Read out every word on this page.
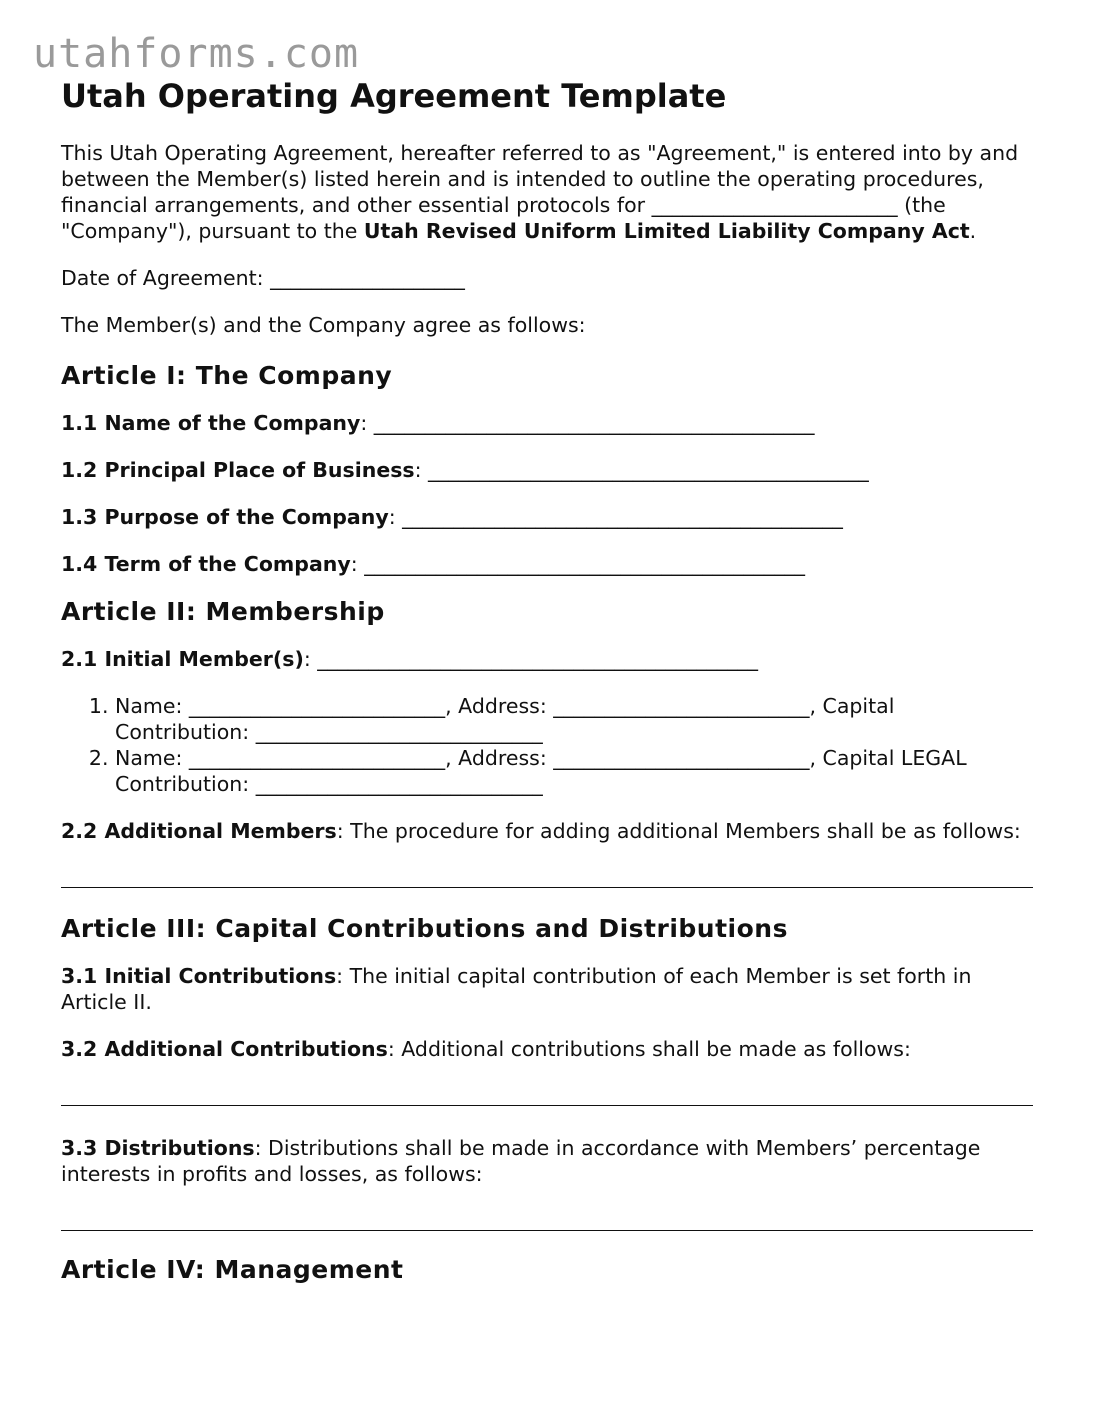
utahforms.com
Utah Operating Agreement Template

This Utah Operating Agreement, hereafter referred to as "Agreement," is entered into by and between the Member(s) listed herein and is intended to outline the operating procedures, financial arrangements, and other essential protocols for ________________________ (the "Company"), pursuant to the Utah Revised Uniform Limited Liability Company Act.

Date of Agreement: ___________________

The Member(s) and the Company agree as follows:

Article I: The Company

1.1 Name of the Company: ___________________________________________

1.2 Principal Place of Business: ___________________________________________

1.3 Purpose of the Company: ___________________________________________

1.4 Term of the Company: ___________________________________________

Article II: Membership

2.1 Initial Member(s): ___________________________________________

1. Name: _________________________, Address: _________________________, Capital Contribution: ____________________________
2. Name: _________________________, Address: _________________________, Capital LEGAL Contribution: ____________________________

2.2 Additional Members: The procedure for adding additional Members shall be as follows:

Article III: Capital Contributions and Distributions

3.1 Initial Contributions: The initial capital contribution of each Member is set forth in Article II.

3.2 Additional Contributions: Additional contributions shall be made as follows:

3.3 Distributions: Distributions shall be made in accordance with Members’ percentage interests in profits and losses, as follows:

Article IV: Management
